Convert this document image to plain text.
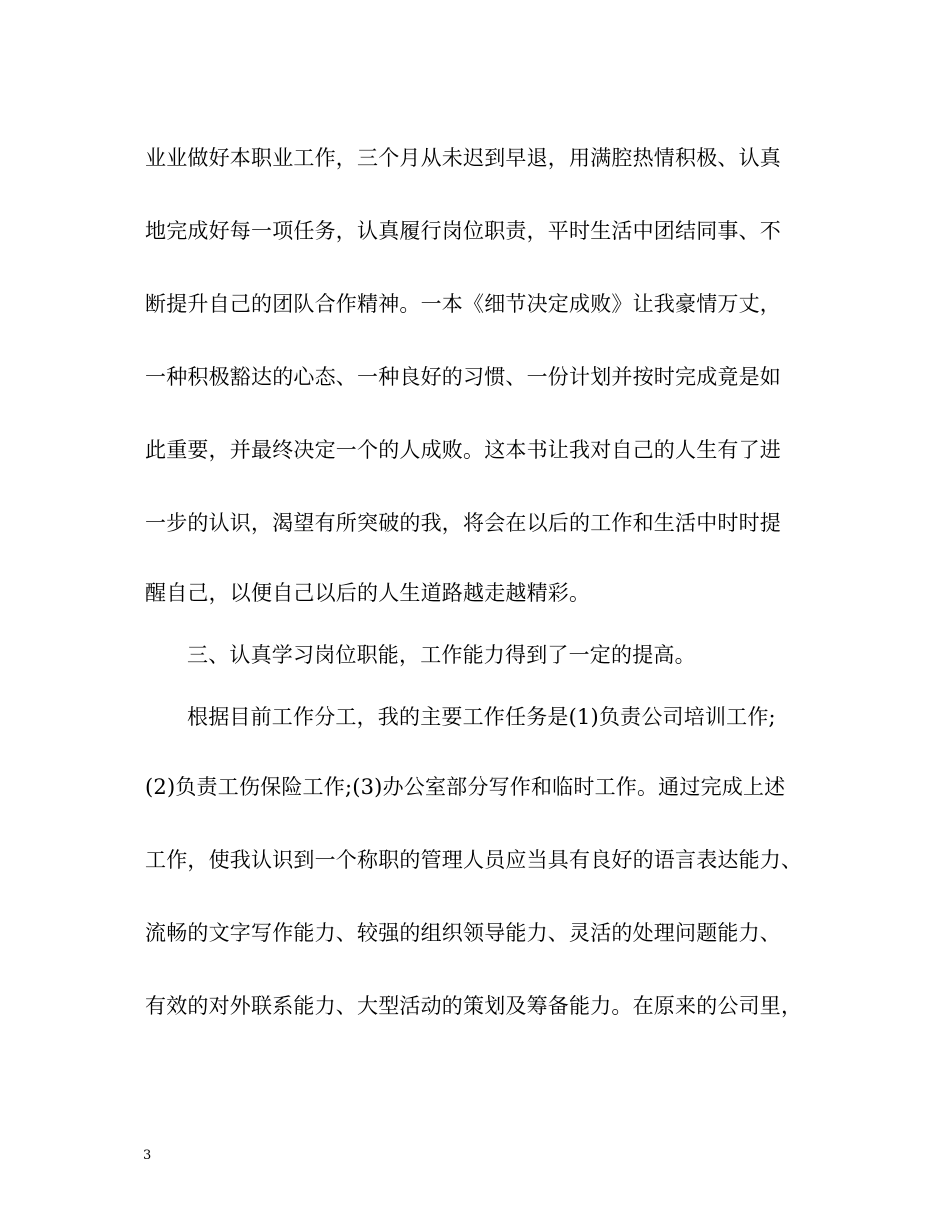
业业做好本职业工作，三个月从未迟到早退，用满腔热情积极、认真
地完成好每一项任务，认真履行岗位职责，平时生活中团结同事、不
断提升自己的团队合作精神。一本《细节决定成败》让我豪情万丈，
一种积极豁达的心态、一种良好的习惯、一份计划并按时完成竟是如
此重要，并最终决定一个的人成败。这本书让我对自己的人生有了进
一步的认识，渴望有所突破的我，将会在以后的工作和生活中时时提
醒自己，以便自己以后的人生道路越走越精彩。
三、认真学习岗位职能，工作能力得到了一定的提高。
根据目前工作分工，我的主要工作任务是(1)负责公司培训工作;
(2)负责工伤保险工作;(3)办公室部分写作和临时工作。通过完成上述
工作，使我认识到一个称职的管理人员应当具有良好的语言表达能力、
流畅的文字写作能力、较强的组织领导能力、灵活的处理问题能力、
有效的对外联系能力、大型活动的策划及筹备能力。在原来的公司里，
3
